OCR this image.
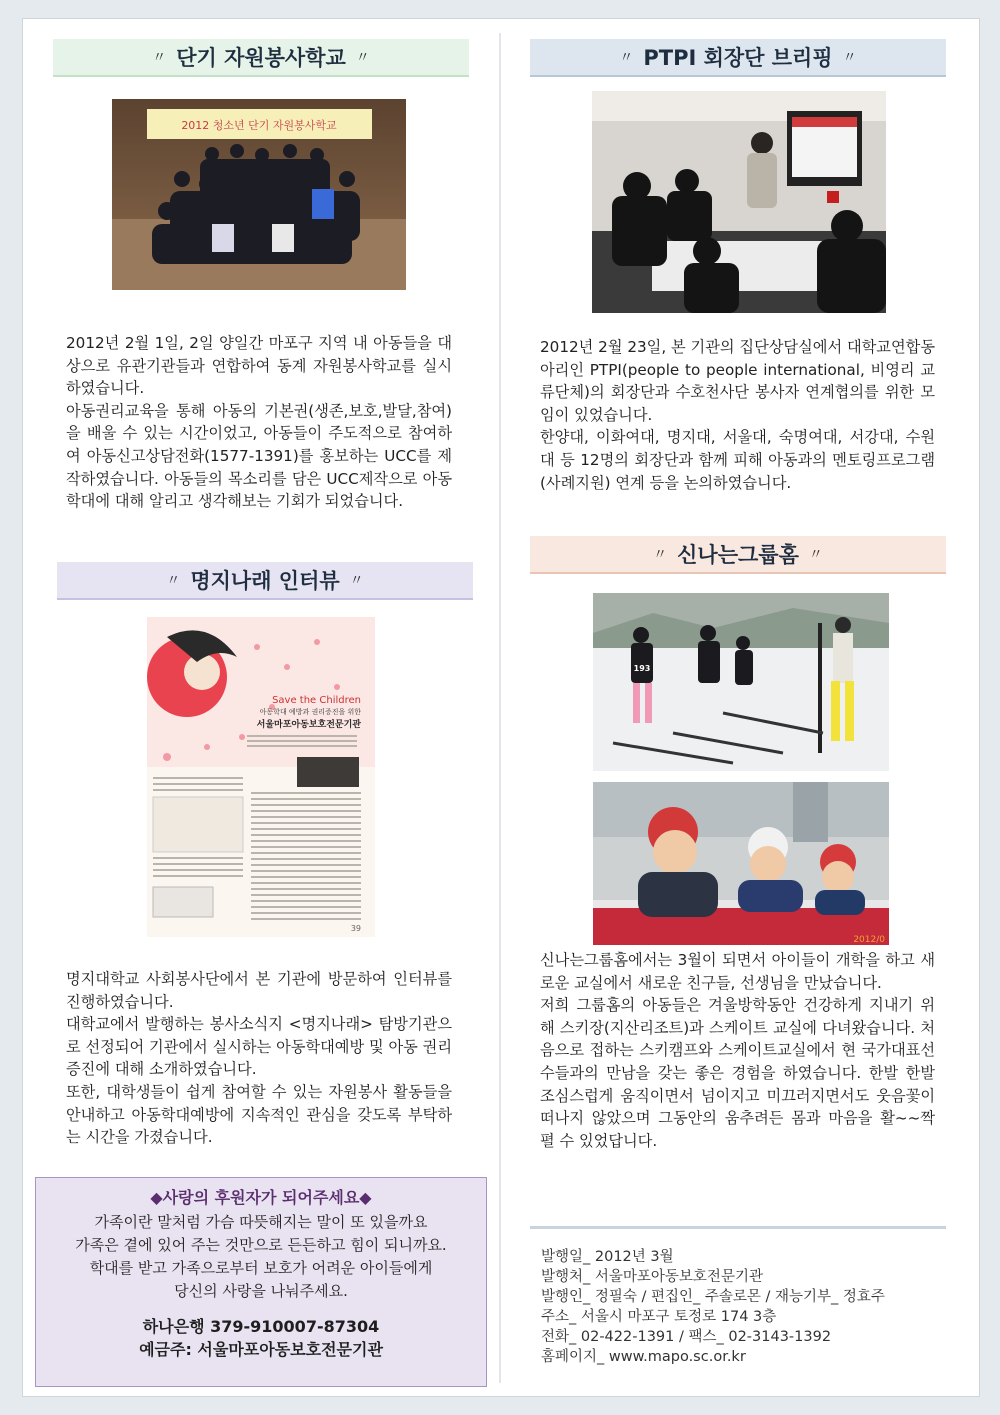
〃 단기 자원봉사학교 〃
2012 청소년 단기 자원봉사학교

2012년 2월 1일, 2일 양일간 마포구 지역 내 아동들을 대상으로 유관기관들과 연합하여 동계 자원봉사학교를 실시하였습니다.

아동권리교육을 통해 아동의 기본권(생존,보호,발달,참여)을 배울 수 있는 시간이었고, 아동들이 주도적으로 참여하여 아동신고상담전화(1577-1391)를 홍보하는 UCC를 제작하였습니다. 아동들의 목소리를 담은 UCC제작으로 아동학대에 대해 알리고 생각해보는 기회가 되었습니다.

〃 PTPI 회장단 브리핑 〃

2012년 2월 23일, 본 기관의 집단상담실에서 대학교연합동아리인 PTPI(people to people international, 비영리 교류단체)의 회장단과 수호천사단 봉사자 연계협의를 위한 모임이 있었습니다.

한양대, 이화여대, 명지대, 서울대, 숙명여대, 서강대, 수원대 등 12명의 회장단과 함께 피해 아동과의 멘토링프로그램(사례지원) 연계 등을 논의하였습니다.

〃 명지나래 인터뷰 〃
Save the Children
아동학대 예방과 권리증진을 위한
서울마포아동보호전문기관
39

명지대학교 사회봉사단에서 본 기관에 방문하여 인터뷰를 진행하였습니다.

대학교에서 발행하는 봉사소식지 <명지나래> 탐방기관으로 선정되어 기관에서 실시하는 아동학대예방 및 아동 권리증진에 대해 소개하였습니다.

또한, 대학생들이 쉽게 참여할 수 있는 자원봉사 활동들을 안내하고 아동학대예방에 지속적인 관심을 갖도록 부탁하는 시간을 가졌습니다.

〃 신나는그룹홈 〃
193
2012/0

신나는그룹홈에서는 3월이 되면서 아이들이 개학을 하고 새로운 교실에서 새로운 친구들, 선생님을 만났습니다.

저희 그룹홈의 아동들은 겨울방학동안 건강하게 지내기 위해 스키장(지산리조트)과 스케이트 교실에 다녀왔습니다. 처음으로 접하는 스키캠프와 스케이트교실에서 현 국가대표선수들과의 만남을 갖는 좋은 경험을 하였습니다. 한발 한발 조심스럽게 움직이면서 넘이지고 미끄러지면서도 웃음꽃이 떠나지 않았으며 그동안의 움추려든 몸과 마음을 활~~짝 펼 수 있었답니다.

◆사랑의 후원자가 되어주세요◆
가족이란 말처럼 가슴 따뜻해지는 말이 또 있을까요
가족은 곁에 있어 주는 것만으로 든든하고 힘이 되니까요.
학대를 받고 가족으로부터 보호가 어려운 아이들에게
당신의 사랑을 나눠주세요.
하나은행 379-910007-87304
예금주: 서울마포아동보호전문기관
발행일_ 2012년 3월
발행처_ 서울마포아동보호전문기관
발행인_ 정필숙 / 편집인_ 주솔로몬 / 재능기부_ 정효주
주소_ 서울시 마포구 토정로 174 3층
전화_ 02-422-1391 / 팩스_ 02-3143-1392
홈페이지_ www.mapo.sc.or.kr
